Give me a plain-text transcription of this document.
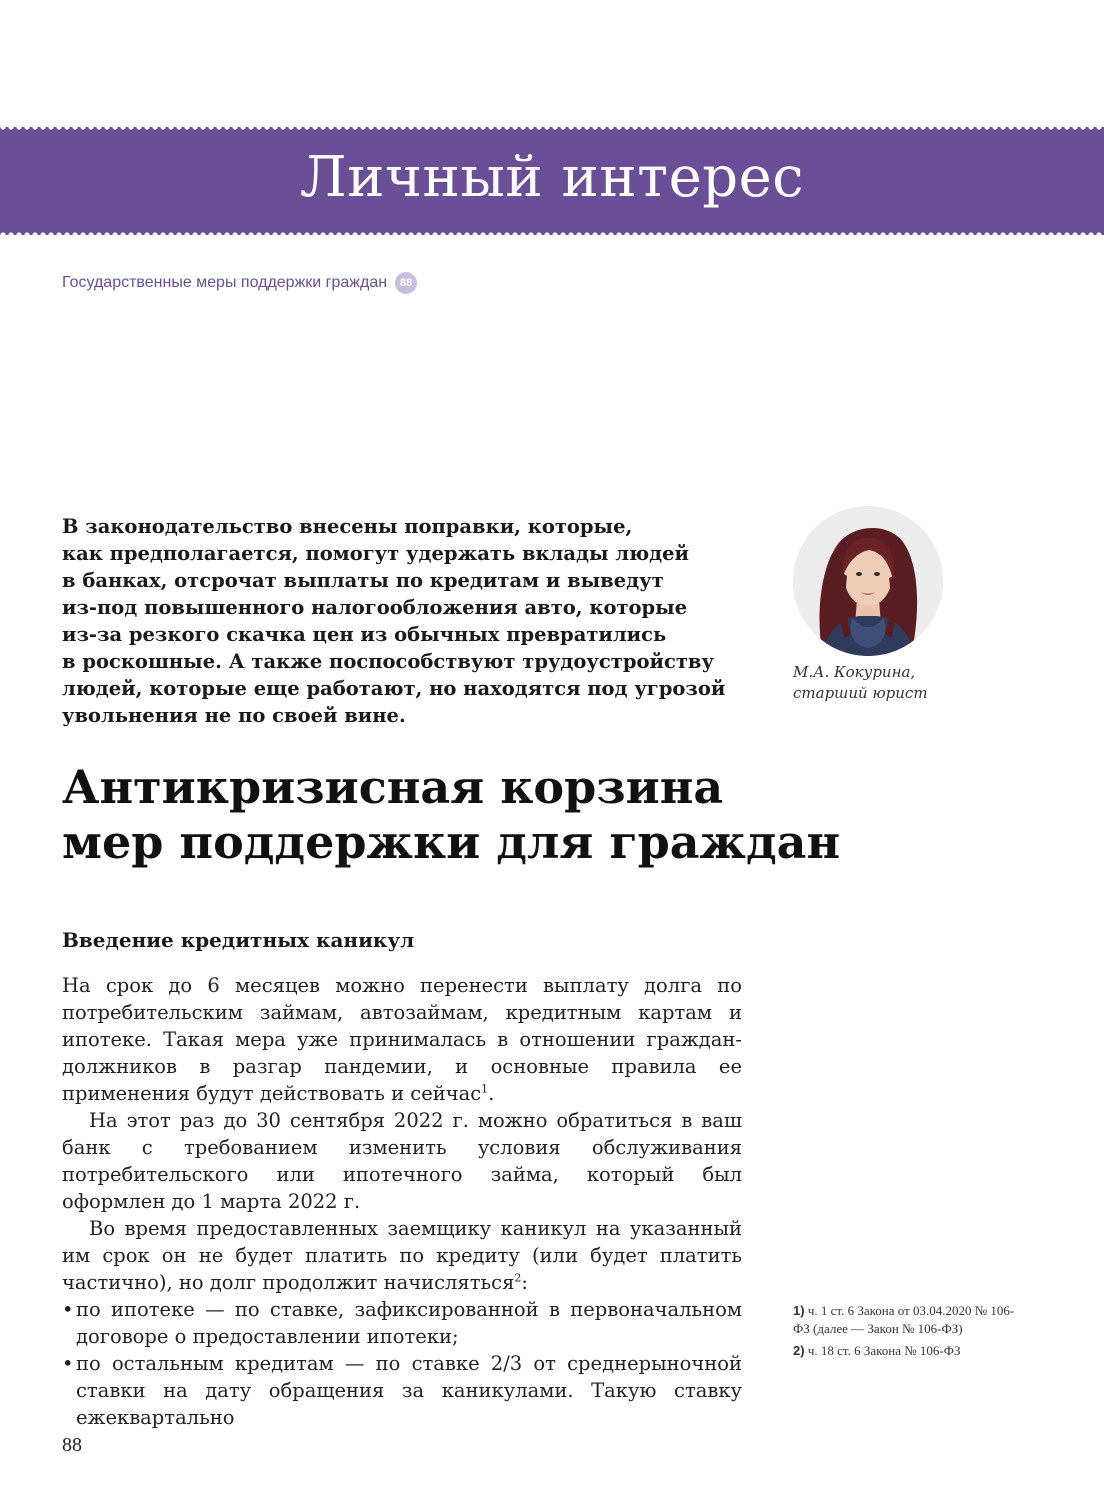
Личный интерес
Государственные меры поддержки граждан	88
В законодательство внесены поправки, которые,
как предполагается, помогут удержать вклады людей
в банках, отсрочат выплаты по кредитам и выведут
из-под повышенного налогообложения авто, которые
из-за резкого скачка цен из обычных превратились
в роскошные. А также поспособствуют трудоустройству
людей, которые еще работают, но находятся под угрозой
увольнения не по своей вине.
М.А. Кокурина,
старший юрист
Антикризисная корзина
мер поддержки для граждан
Введение кредитных каникул

На срок до 6 месяцев можно перенести выплату долга по потребительским займам, автозаймам, кредитным картам и ипотеке. Такая мера уже принималась в отношении граждан-должников в разгар пандемии, и основные правила ее применения будут действовать и сейчас$^1$.

На этот раз до 30 сентября 2022 г. можно обратиться в ваш банк с требованием изменить условия обслуживания потребительского или ипотечного займа, который был оформлен до 1 марта 2022 г.

Во время предоставленных заемщику каникул на указанный им срок он не будет платить по кредиту (или будет платить частично), но долг продолжит начисляться$^2$:

• по ипотеке — по ставке, зафиксированной в первоначальном договоре о предоставлении ипотеки;
• по остальным кредитам — по ставке 2/3 от среднерыночной ставки на дату обращения за каникулами. Такую ставку ежеквартально
1) ч. 1 ст. 6 Закона от 03.04.2020 № 106-ФЗ (далее — Закон № 106-ФЗ)
2) ч. 18 ст. 6 Закона № 106-ФЗ
88
